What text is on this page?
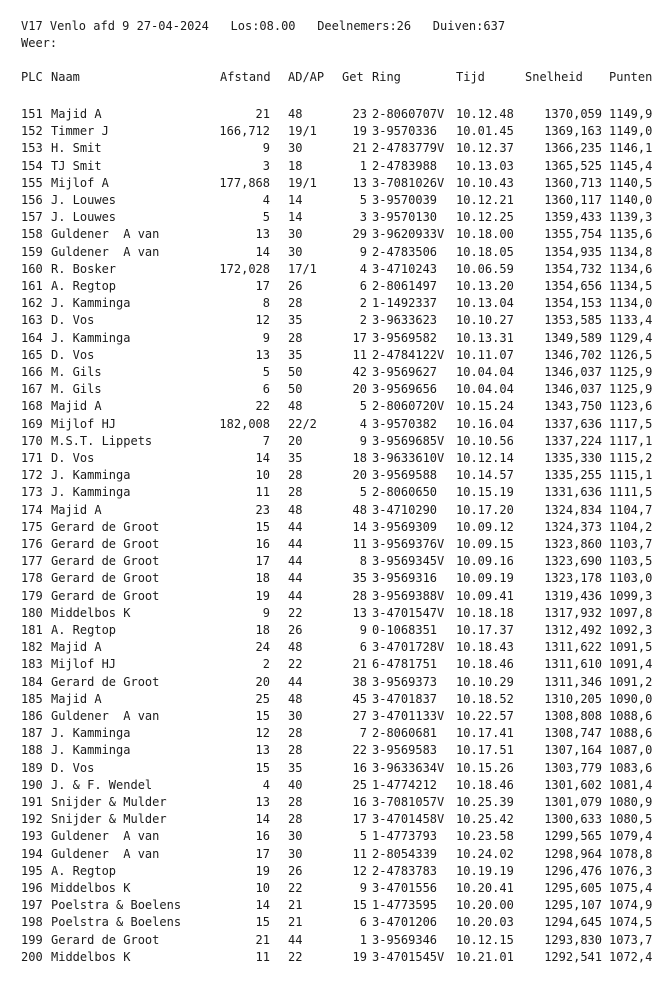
V17 Venlo afd 9 27-04-2024   Los:08.00   Deelnemers:26   Duiven:637
Weer:
PLC Naam	Afstand AD/AP Get Ring	Tijd	Snelheid Punten
151 Majid A	21 48	23 2-8060707V 10.12.48	1370,059 1149,9
152 Timmer J	166,712 19/1	19 3-9570336 10.01.45	1369,163 1149,0
153 H. Smit	9 30	21 2-4783779V 10.12.37	1366,235 1146,1
154 TJ Smit	3 18	1 2-4783988 10.13.03	1365,525 1145,4
155 Mijlof A	177,868 19/1	13 3-7081026V 10.10.43	1360,713 1140,5
156 J. Louwes	4 14	5 3-9570039 10.12.21	1360,117 1140,0
157 J. Louwes	5 14	3 3-9570130 10.12.25	1359,433 1139,3
158 Guldener  A van	13 30	29 3-9620933V 10.18.00	1355,754 1135,6
159 Guldener  A van	14 30	9 2-4783506 10.18.05	1354,935 1134,8
160 R. Bosker	172,028 17/1	4 3-4710243 10.06.59	1354,732 1134,6
161 A. Regtop	17 26	6 2-8061497 10.13.20	1354,656 1134,5
162 J. Kamminga	8 28	2 1-1492337 10.13.04	1354,153 1134,0
163 D. Vos	12 35	2 3-9633623 10.10.27	1353,585 1133,4
164 J. Kamminga	9 28	17 3-9569582 10.13.31	1349,589 1129,4
165 D. Vos	13 35	11 2-4784122V 10.11.07	1346,702 1126,5
166 M. Gils	5 50	42 3-9569627 10.04.04	1346,037 1125,9
167 M. Gils	6 50	20 3-9569656 10.04.04	1346,037 1125,9
168 Majid A	22 48	5 2-8060720V 10.15.24	1343,750 1123,6
169 Mijlof HJ	182,008 22/2	4 3-9570382 10.16.04	1337,636 1117,5
170 M.S.T. Lippets	7 20	9 3-9569685V 10.10.56	1337,224 1117,1
171 D. Vos	14 35	18 3-9633610V 10.12.14	1335,330 1115,2
172 J. Kamminga	10 28	20 3-9569588 10.14.57	1335,255 1115,1
173 J. Kamminga	11 28	5 2-8060650 10.15.19	1331,636 1111,5
174 Majid A	23 48	48 3-4710290 10.17.20	1324,834 1104,7
175 Gerard de Groot	15 44	14 3-9569309 10.09.12	1324,373 1104,2
176 Gerard de Groot	16 44	11 3-9569376V 10.09.15	1323,860 1103,7
177 Gerard de Groot	17 44	8 3-9569345V 10.09.16	1323,690 1103,5
178 Gerard de Groot	18 44	35 3-9569316 10.09.19	1323,178 1103,0
179 Gerard de Groot	19 44	28 3-9569388V 10.09.41	1319,436 1099,3
180 Middelbos K	9 22	13 3-4701547V 10.18.18	1317,932 1097,8
181 A. Regtop	18 26	9 0-1068351 10.17.37	1312,492 1092,3
182 Majid A	24 48	6 3-4701728V 10.18.43	1311,622 1091,5
183 Mijlof HJ	2 22	21 6-4781751 10.18.46	1311,610 1091,4
184 Gerard de Groot	20 44	38 3-9569373 10.10.29	1311,346 1091,2
185 Majid A	25 48	45 3-4701837 10.18.52	1310,205 1090,0
186 Guldener  A van	15 30	27 3-4701133V 10.22.57	1308,808 1088,6
187 J. Kamminga	12 28	7 2-8060681 10.17.41	1308,747 1088,6
188 J. Kamminga	13 28	22 3-9569583 10.17.51	1307,164 1087,0
189 D. Vos	15 35	16 3-9633634V 10.15.26	1303,779 1083,6
190 J. & F. Wendel	4 40	25 1-4774212 10.18.46	1301,602 1081,4
191 Snijder & Mulder	13 28	16 3-7081057V 10.25.39	1301,079 1080,9
192 Snijder & Mulder	14 28	17 3-4701458V 10.25.42	1300,633 1080,5
193 Guldener  A van	16 30	5 1-4773793 10.23.58	1299,565 1079,4
194 Guldener  A van	17 30	11 2-8054339 10.24.02	1298,964 1078,8
195 A. Regtop	19 26	12 2-4783783 10.19.19	1296,476 1076,3
196 Middelbos K	10 22	9 3-4701556 10.20.41	1295,605 1075,4
197 Poelstra & Boelens	14 21	15 1-4773595 10.20.00	1295,107 1074,9
198 Poelstra & Boelens	15 21	6 3-4701206 10.20.03	1294,645 1074,5
199 Gerard de Groot	21 44	1 3-9569346 10.12.15	1293,830 1073,7
200 Middelbos K	11 22	19 3-4701545V 10.21.01	1292,541 1072,4
